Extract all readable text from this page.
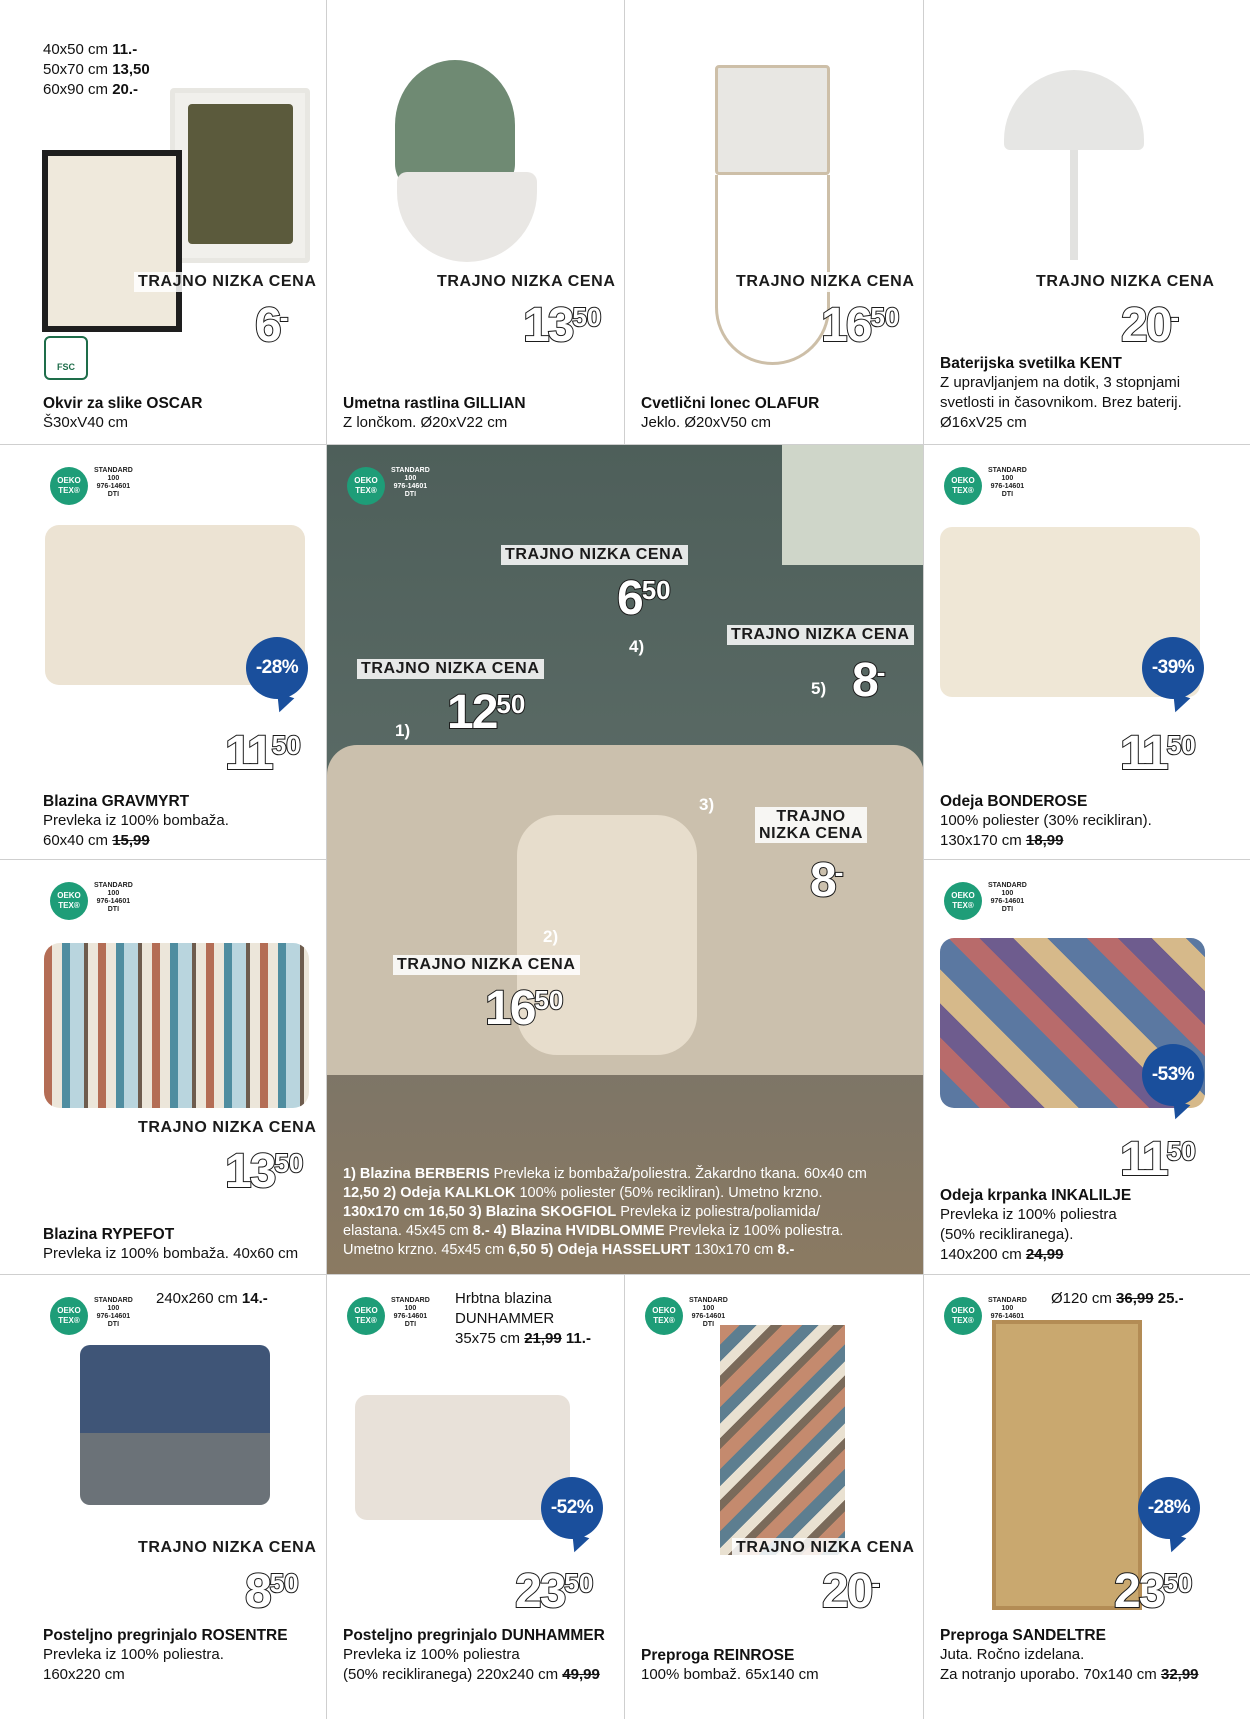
40x50 cm 11.-
50x70 cm 13,50
60x90 cm 20.-
FSC
TRAJNO NIZKA CENA
6-
Okvir za slike OSCAR
Š30xV40 cm
TRAJNO NIZKA CENA
1350
Umetna rastlina GILLIAN
Z lončkom. Ø20xV22 cm
TRAJNO NIZKA CENA
1650
Cvetlični lonec OLAFUR
Jeklo. Ø20xV50 cm
TRAJNO NIZKA CENA
20-
Baterijska svetilka KENT
Z upravljanjem na dotik, 3 stopnjami
svetlosti in časovnikom. Brez baterij.
Ø16xV25 cm
OEKO TEX®
STANDARD
100
976-14601
DTI
-28%
1150
Blazina GRAVMYRT
Prevleka iz 100% bombaža.
60x40 cm 15,99
OEKO TEX®
STANDARD
100
976-14601
DTI
TRAJNO NIZKA CENA
1350
Blazina RYPEFOT
Prevleka iz 100% bombaža. 40x60 cm
OEKO TEX®
STANDARD
100
976-14601
DTI
TRAJNO NIZKA CENA
650
TRAJNO NIZKA CENA
8-
TRAJNO NIZKA CENA
1250
TRAJNO
NIZKA CENA
8-
TRAJNO NIZKA CENA
1650
1)
2)
3)
4)
5)
1) Blazina BERBERIS Prevleka iz bombaža/poliestra. Žakardno tkana. 60x40 cm
12,50 2) Odeja KALKLOK 100% poliester (50% recikliran). Umetno krzno.
130x170 cm 16,50 3) Blazina SKOGFIOL Prevleka iz poliestra/poliamida/
elastana. 45x45 cm 8.- 4) Blazina HVIDBLOMME Prevleka iz 100% poliestra.
Umetno krzno. 45x45 cm 6,50 5) Odeja HASSELURT 130x170 cm 8.-
OEKO TEX®
STANDARD
100
976-14601
DTI
-39%
1150
Odeja BONDEROSE
100% poliester (30% recikliran).
130x170 cm 18,99
OEKO TEX®
STANDARD
100
976-14601
DTI
-53%
1150
Odeja krpanka INKALILJE
Prevleka iz 100% poliestra
(50% recikliranega).
140x200 cm 24,99
OEKO TEX®
STANDARD
100
976-14601
DTI
240x260 cm 14.-
TRAJNO NIZKA CENA
850
Posteljno pregrinjalo ROSENTRE
Prevleka iz 100% poliestra.
160x220 cm
OEKO TEX®
STANDARD
100
976-14601
DTI
Hrbtna blazina
DUNHAMMER
35x75 cm 21,99 11.-
-52%
2350
Posteljno pregrinjalo DUNHAMMER
Prevleka iz 100% poliestra
(50% recikliranega) 220x240 cm 49,99
OEKO TEX®
STANDARD
100
976-14601
DTI
TRAJNO NIZKA CENA
20-
Preproga REINROSE
100% bombaž. 65x140 cm
OEKO TEX®
STANDARD
100
976-14601
Ø120 cm 36,99 25.-
-28%
2350
Preproga SANDELTRE
Juta. Ročno izdelana.
Za notranjo uporabo. 70x140 cm 32,99
